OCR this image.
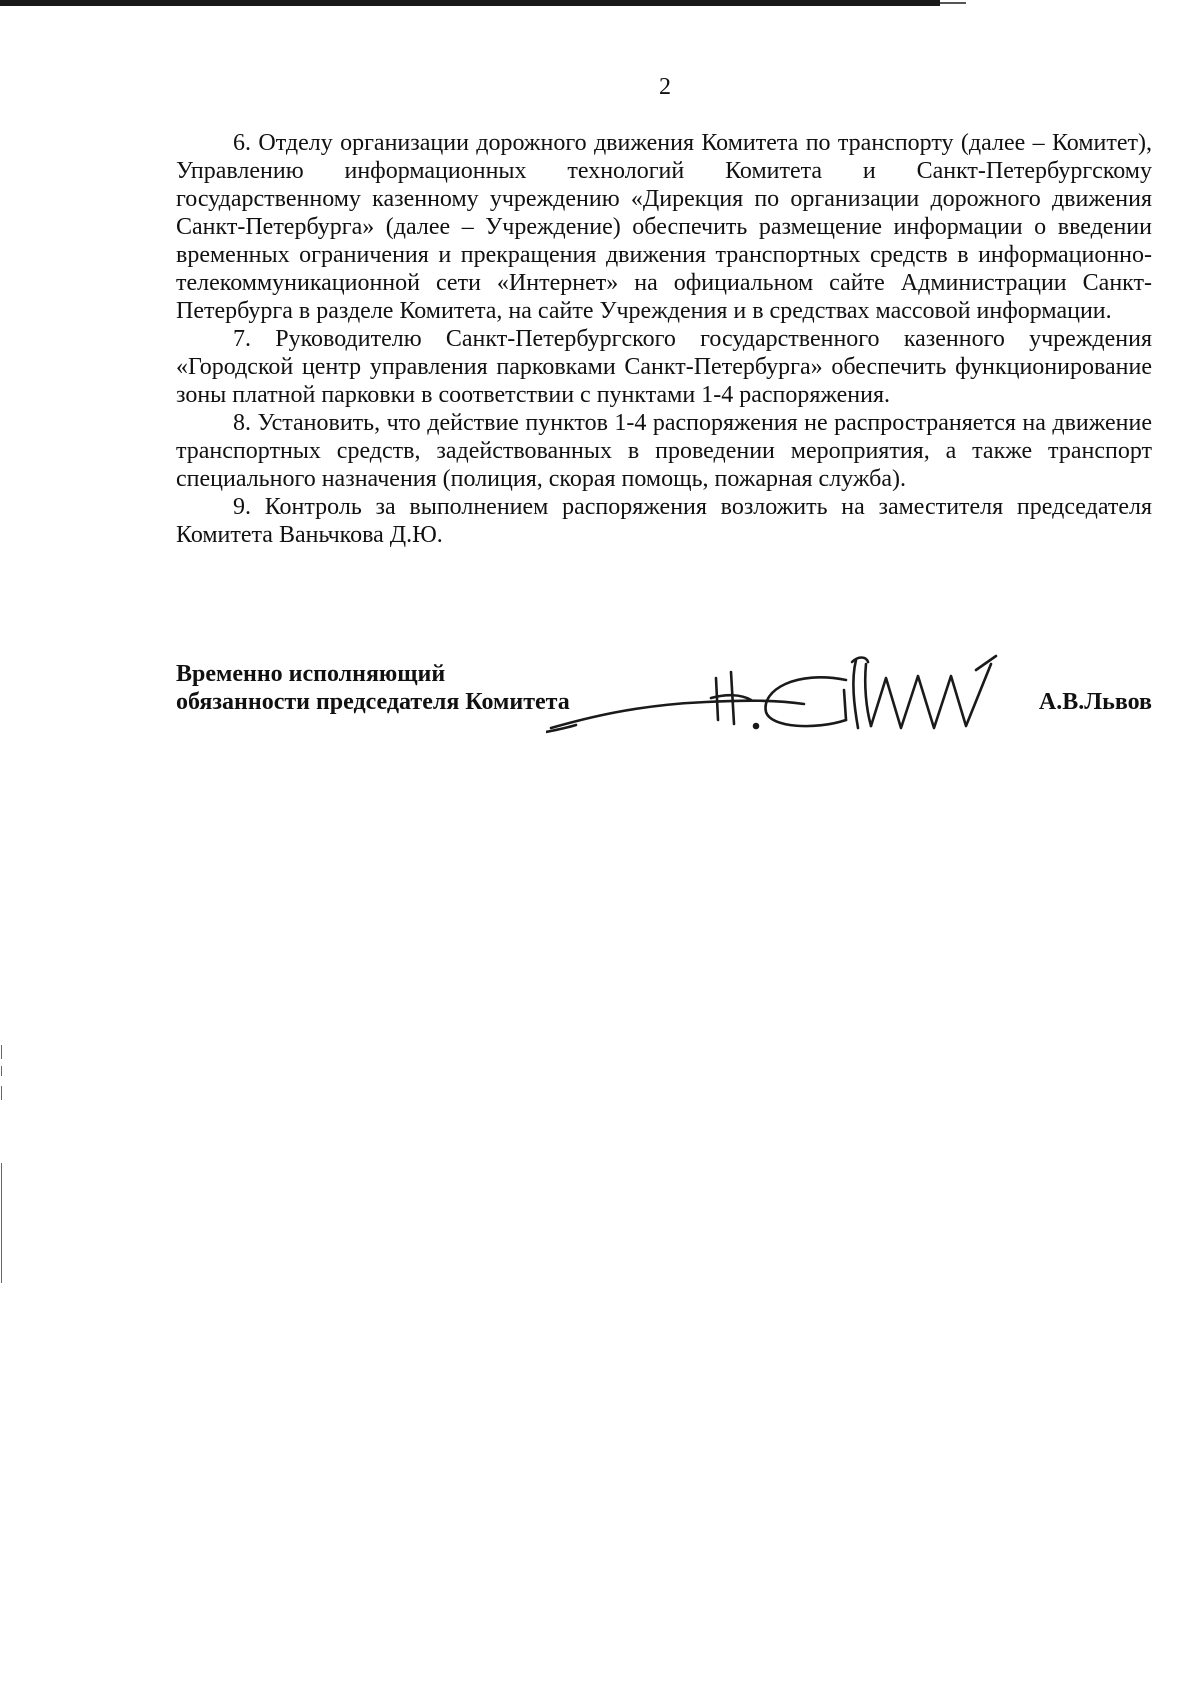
2

6. Отделу организации дорожного движения Комитета по транспорту (далее – Комитет), Управлению информационных технологий Комитета и Санкт-Петербургскому государственному казенному учреждению «Дирекция по организации дорожного движения Санкт-Петербурга» (далее – Учреждение) обеспечить размещение информации о введении временных ограничения и прекращения движения транспортных средств в информационно-телекоммуникационной сети «Интернет» на официальном сайте Администрации Санкт-Петербурга в разделе Комитета, на сайте Учреждения и в средствах массовой информации.

7. Руководителю Санкт-Петербургского государственного казенного учреждения «Городской центр управления парковками Санкт-Петербурга» обеспечить функционирование зоны платной парковки в соответствии с пунктами 1-4 распоряжения.

8. Установить, что действие пунктов 1-4 распоряжения не распространяется на движение транспортных средств, задействованных в проведении мероприятия, а также транспорт специального назначения (полиция, скорая помощь, пожарная служба).

9. Контроль за выполнением распоряжения возложить на заместителя председателя Комитета Ваньчкова Д.Ю.

Временно исполняющий
обязанности председателя Комитета	А.В.Львов
